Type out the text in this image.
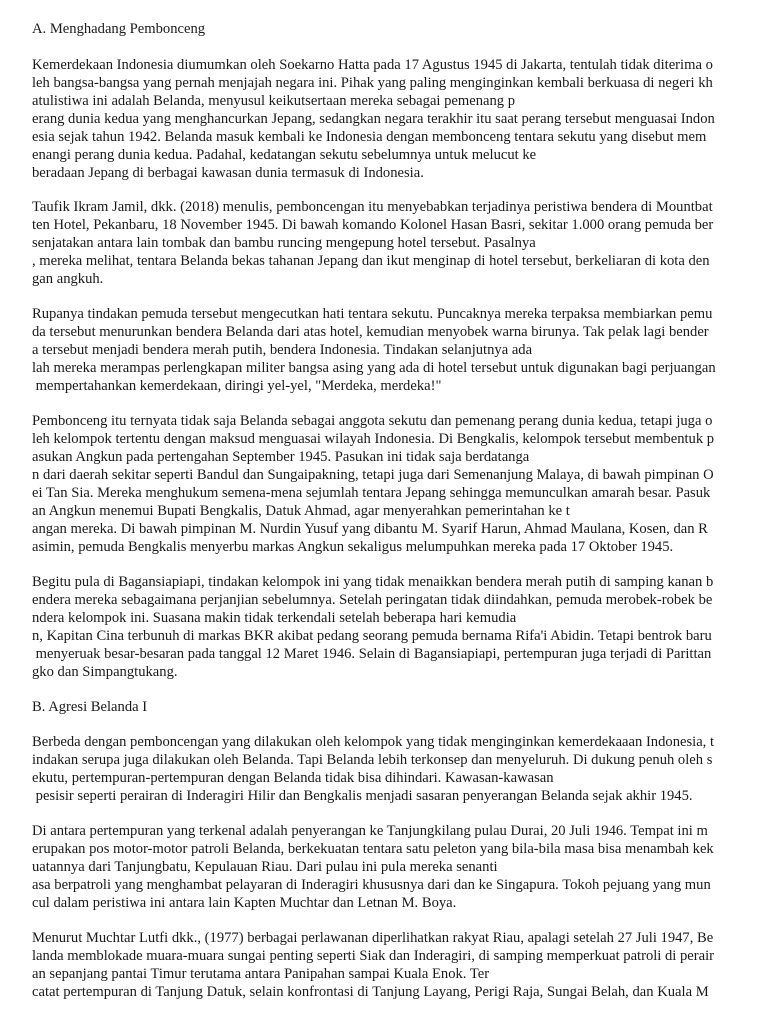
A. Menghadang Pembonceng
Kemerdekaan Indonesia diumumkan oleh Soekarno Hatta pada 17 Agustus 1945 di Jakarta, tentulah tidak diterima o
leh bangsa-bangsa yang pernah menjajah negara ini. Pihak yang paling menginginkan kembali berkuasa di negeri kh
atulistiwa ini adalah Belanda, menyusul keikutsertaan mereka sebagai pemenang p
erang dunia kedua yang menghancurkan Jepang, sedangkan negara terakhir itu saat perang tersebut menguasai Indon
esia sejak tahun 1942. Belanda masuk kembali ke Indonesia dengan membonceng tentara sekutu yang disebut mem
enangi perang dunia kedua. Padahal, kedatangan sekutu sebelumnya untuk melucut ke
beradaan Jepang di berbagai kawasan dunia termasuk di Indonesia.
Taufik Ikram Jamil, dkk. (2018) menulis, pemboncengan itu menyebabkan terjadinya peristiwa bendera di Mountbat
ten Hotel, Pekanbaru, 18 November 1945. Di bawah komando Kolonel Hasan Basri, sekitar 1.000 orang pemuda ber
senjatakan antara lain tombak dan bambu runcing mengepung hotel tersebut. Pasalnya
, mereka melihat, tentara Belanda bekas tahanan Jepang dan ikut menginap di hotel tersebut, berkeliaran di kota den
gan angkuh.
Rupanya tindakan pemuda tersebut mengecutkan hati tentara sekutu. Puncaknya mereka terpaksa membiarkan pemu
da tersebut menurunkan bendera Belanda dari atas hotel, kemudian menyobek warna birunya. Tak pelak lagi bender
a tersebut menjadi bendera merah putih, bendera Indonesia. Tindakan selanjutnya ada
lah mereka merampas perlengkapan militer bangsa asing yang ada di hotel tersebut untuk digunakan bagi perjuangan
mempertahankan kemerdekaan, diringi yel-yel, "Merdeka, merdeka!"
Pembonceng itu ternyata tidak saja Belanda sebagai anggota sekutu dan pemenang perang dunia kedua, tetapi juga o
leh kelompok tertentu dengan maksud menguasai wilayah Indonesia. Di Bengkalis, kelompok tersebut membentuk p
asukan Angkun pada pertengahan September 1945. Pasukan ini tidak saja berdatanga
n dari daerah sekitar seperti Bandul dan Sungaipakning, tetapi juga dari Semenanjung Malaya, di bawah pimpinan O
ei Tan Sia. Mereka menghukum semena-mena sejumlah tentara Jepang sehingga memunculkan amarah besar. Pasuk
an Angkun menemui Bupati Bengkalis, Datuk Ahmad, agar menyerahkan pemerintahan ke t
angan mereka. Di bawah pimpinan M. Nurdin Yusuf yang dibantu M. Syarif Harun, Ahmad Maulana, Kosen, dan R
asimin, pemuda Bengkalis menyerbu markas Angkun sekaligus melumpuhkan mereka pada 17 Oktober 1945.
Begitu pula di Bagansiapiapi, tindakan kelompok ini yang tidak menaikkan bendera merah putih di samping kanan b
endera mereka sebagaimana perjanjian sebelumnya. Setelah peringatan tidak diindahkan, pemuda merobek-robek be
ndera kelompok ini. Suasana makin tidak terkendali setelah beberapa hari kemudia
n, Kapitan Cina terbunuh di markas BKR akibat pedang seorang pemuda bernama Rifa'i Abidin. Tetapi bentrok baru
menyeruak besar-besaran pada tanggal 12 Maret 1946. Selain di Bagansiapiapi, pertempuran juga terjadi di Parittan
gko dan Simpangtukang.
B. Agresi Belanda I
Berbeda dengan pemboncengan yang dilakukan oleh kelompok yang tidak menginginkan kemerdekaaan Indonesia, t
indakan serupa juga dilakukan oleh Belanda. Tapi Belanda lebih terkonsep dan menyeluruh. Di dukung penuh oleh s
ekutu, pertempuran-pertempuran dengan Belanda tidak bisa dihindari. Kawasan-kawasan
pesisir seperti perairan di Inderagiri Hilir dan Bengkalis menjadi sasaran penyerangan Belanda sejak akhir 1945.
Di antara pertempuran yang terkenal adalah penyerangan ke Tanjungkilang pulau Durai, 20 Juli 1946. Tempat ini m
erupakan pos motor-motor patroli Belanda, berkekuatan tentara satu peleton yang bila-bila masa bisa menambah kek
uatannya dari Tanjungbatu, Kepulauan Riau. Dari pulau ini pula mereka senanti
asa berpatroli yang menghambat pelayaran di Inderagiri khususnya dari dan ke Singapura. Tokoh pejuang yang mun
cul dalam peristiwa ini antara lain Kapten Muchtar dan Letnan M. Boya.
Menurut Muchtar Lutfi dkk., (1977) berbagai perlawanan diperlihatkan rakyat Riau, apalagi setelah 27 Juli 1947, Be
landa memblokade muara-muara sungai penting seperti Siak dan Inderagiri, di samping memperkuat patroli di perair
an sepanjang pantai Timur terutama antara Panipahan sampai Kuala Enok. Ter
catat pertempuran di Tanjung Datuk, selain konfrontasi di Tanjung Layang, Perigi Raja, Sungai Belah, dan Kuala M
